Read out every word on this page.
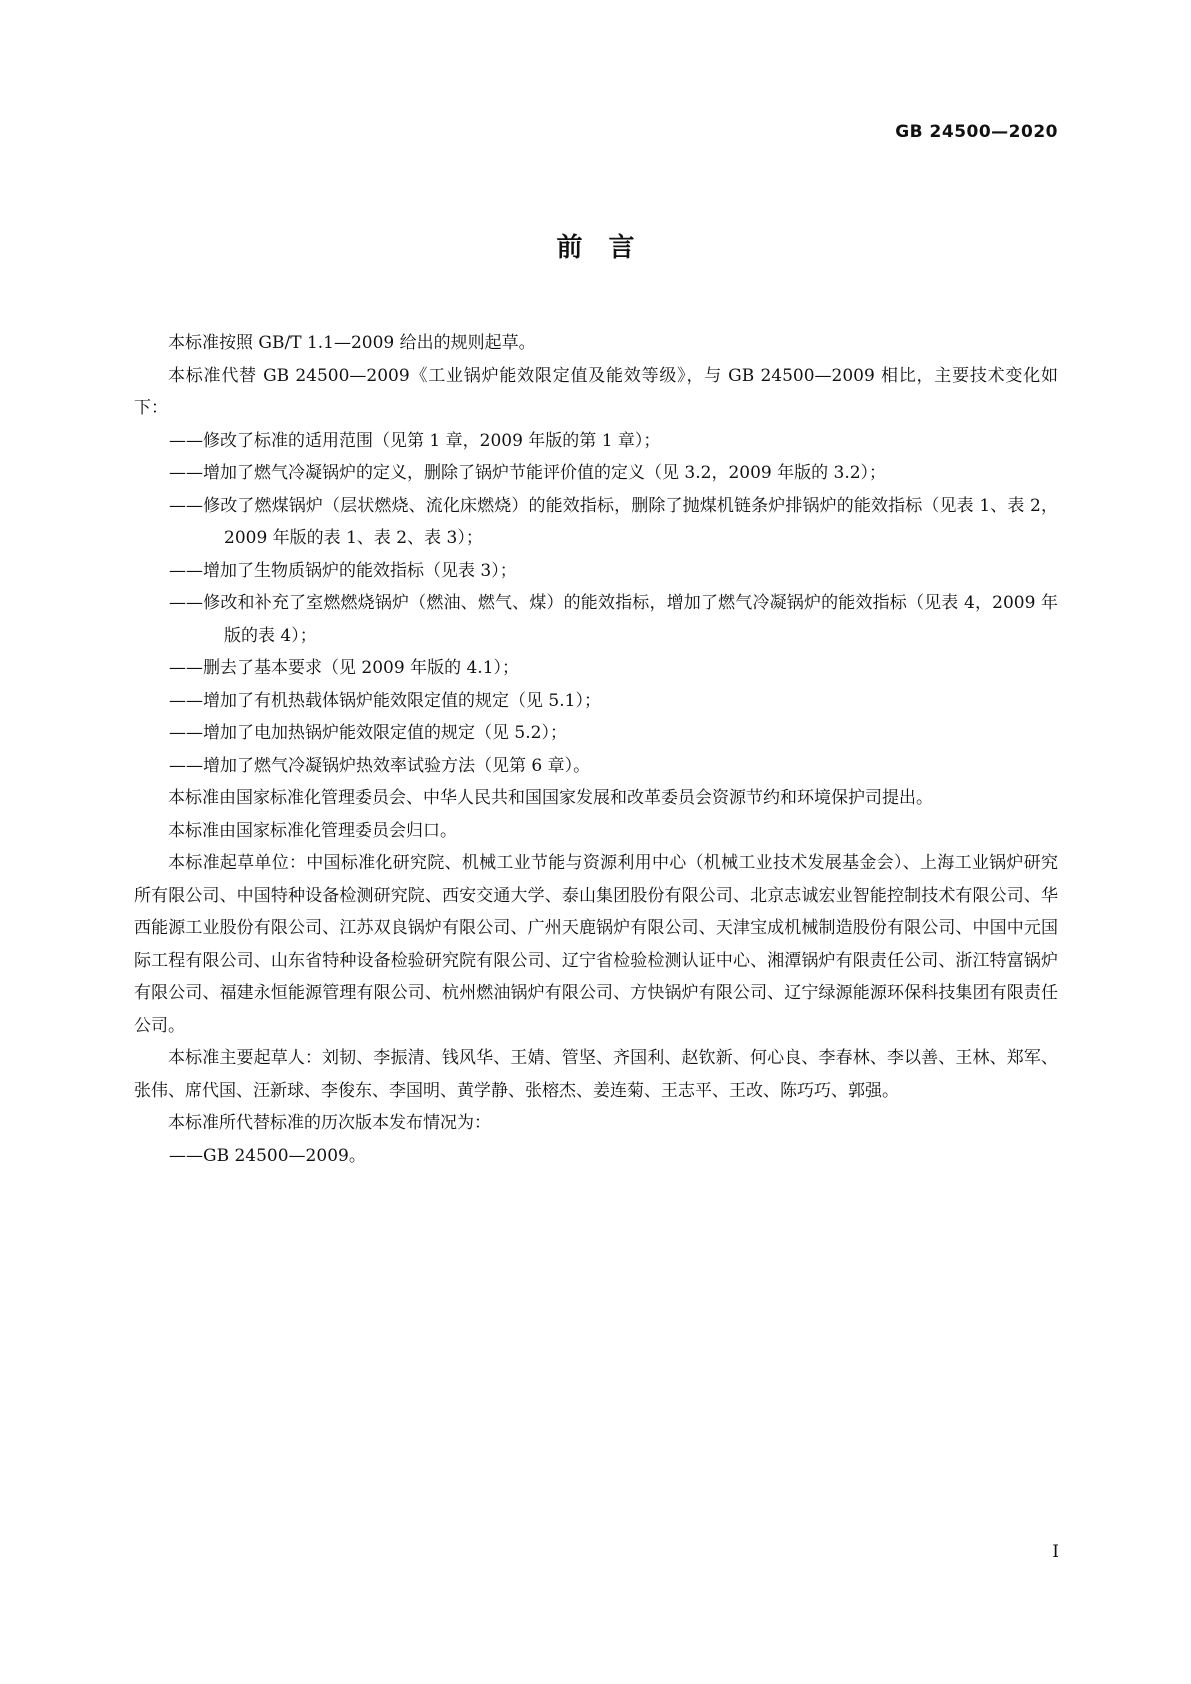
GB 24500—2020
前言

本标准按照 GB/T 1.1—2009 给出的规则起草。

本标准代替 GB 24500—2009《工业锅炉能效限定值及能效等级》，与 GB 24500—2009 相比，主要技术变化如下：

——修改了标准的适用范围（见第 1 章，2009 年版的第 1 章）；

——增加了燃气冷凝锅炉的定义，删除了锅炉节能评价值的定义（见 3.2，2009 年版的 3.2）；

——修改了燃煤锅炉（层状燃烧、流化床燃烧）的能效指标，删除了抛煤机链条炉排锅炉的能效指标（见表 1、表 2，2009 年版的表 1、表 2、表 3）；

——增加了生物质锅炉的能效指标（见表 3）；

——修改和补充了室燃燃烧锅炉（燃油、燃气、煤）的能效指标，增加了燃气冷凝锅炉的能效指标（见表 4，2009 年版的表 4）；

——删去了基本要求（见 2009 年版的 4.1）；

——增加了有机热载体锅炉能效限定值的规定（见 5.1）；

——增加了电加热锅炉能效限定值的规定（见 5.2）；

——增加了燃气冷凝锅炉热效率试验方法（见第 6 章）。

本标准由国家标准化管理委员会、中华人民共和国国家发展和改革委员会资源节约和环境保护司提出。

本标准由国家标准化管理委员会归口。

本标准起草单位：中国标准化研究院、机械工业节能与资源利用中心（机械工业技术发展基金会）、上海工业锅炉研究所有限公司、中国特种设备检测研究院、西安交通大学、泰山集团股份有限公司、北京志诚宏业智能控制技术有限公司、华西能源工业股份有限公司、江苏双良锅炉有限公司、广州天鹿锅炉有限公司、天津宝成机械制造股份有限公司、中国中元国际工程有限公司、山东省特种设备检验研究院有限公司、辽宁省检验检测认证中心、湘潭锅炉有限责任公司、浙江特富锅炉有限公司、福建永恒能源管理有限公司、杭州燃油锅炉有限公司、方快锅炉有限公司、辽宁绿源能源环保科技集团有限责任公司。

本标准主要起草人：刘韧、李振清、钱风华、王婧、管坚、齐国利、赵钦新、何心良、李春林、李以善、王林、郑军、张伟、席代国、汪新球、李俊东、李国明、黄学静、张榕杰、姜连菊、王志平、王改、陈巧巧、郭强。

本标准所代替标准的历次版本发布情况为：

——GB 24500—2009。

I
